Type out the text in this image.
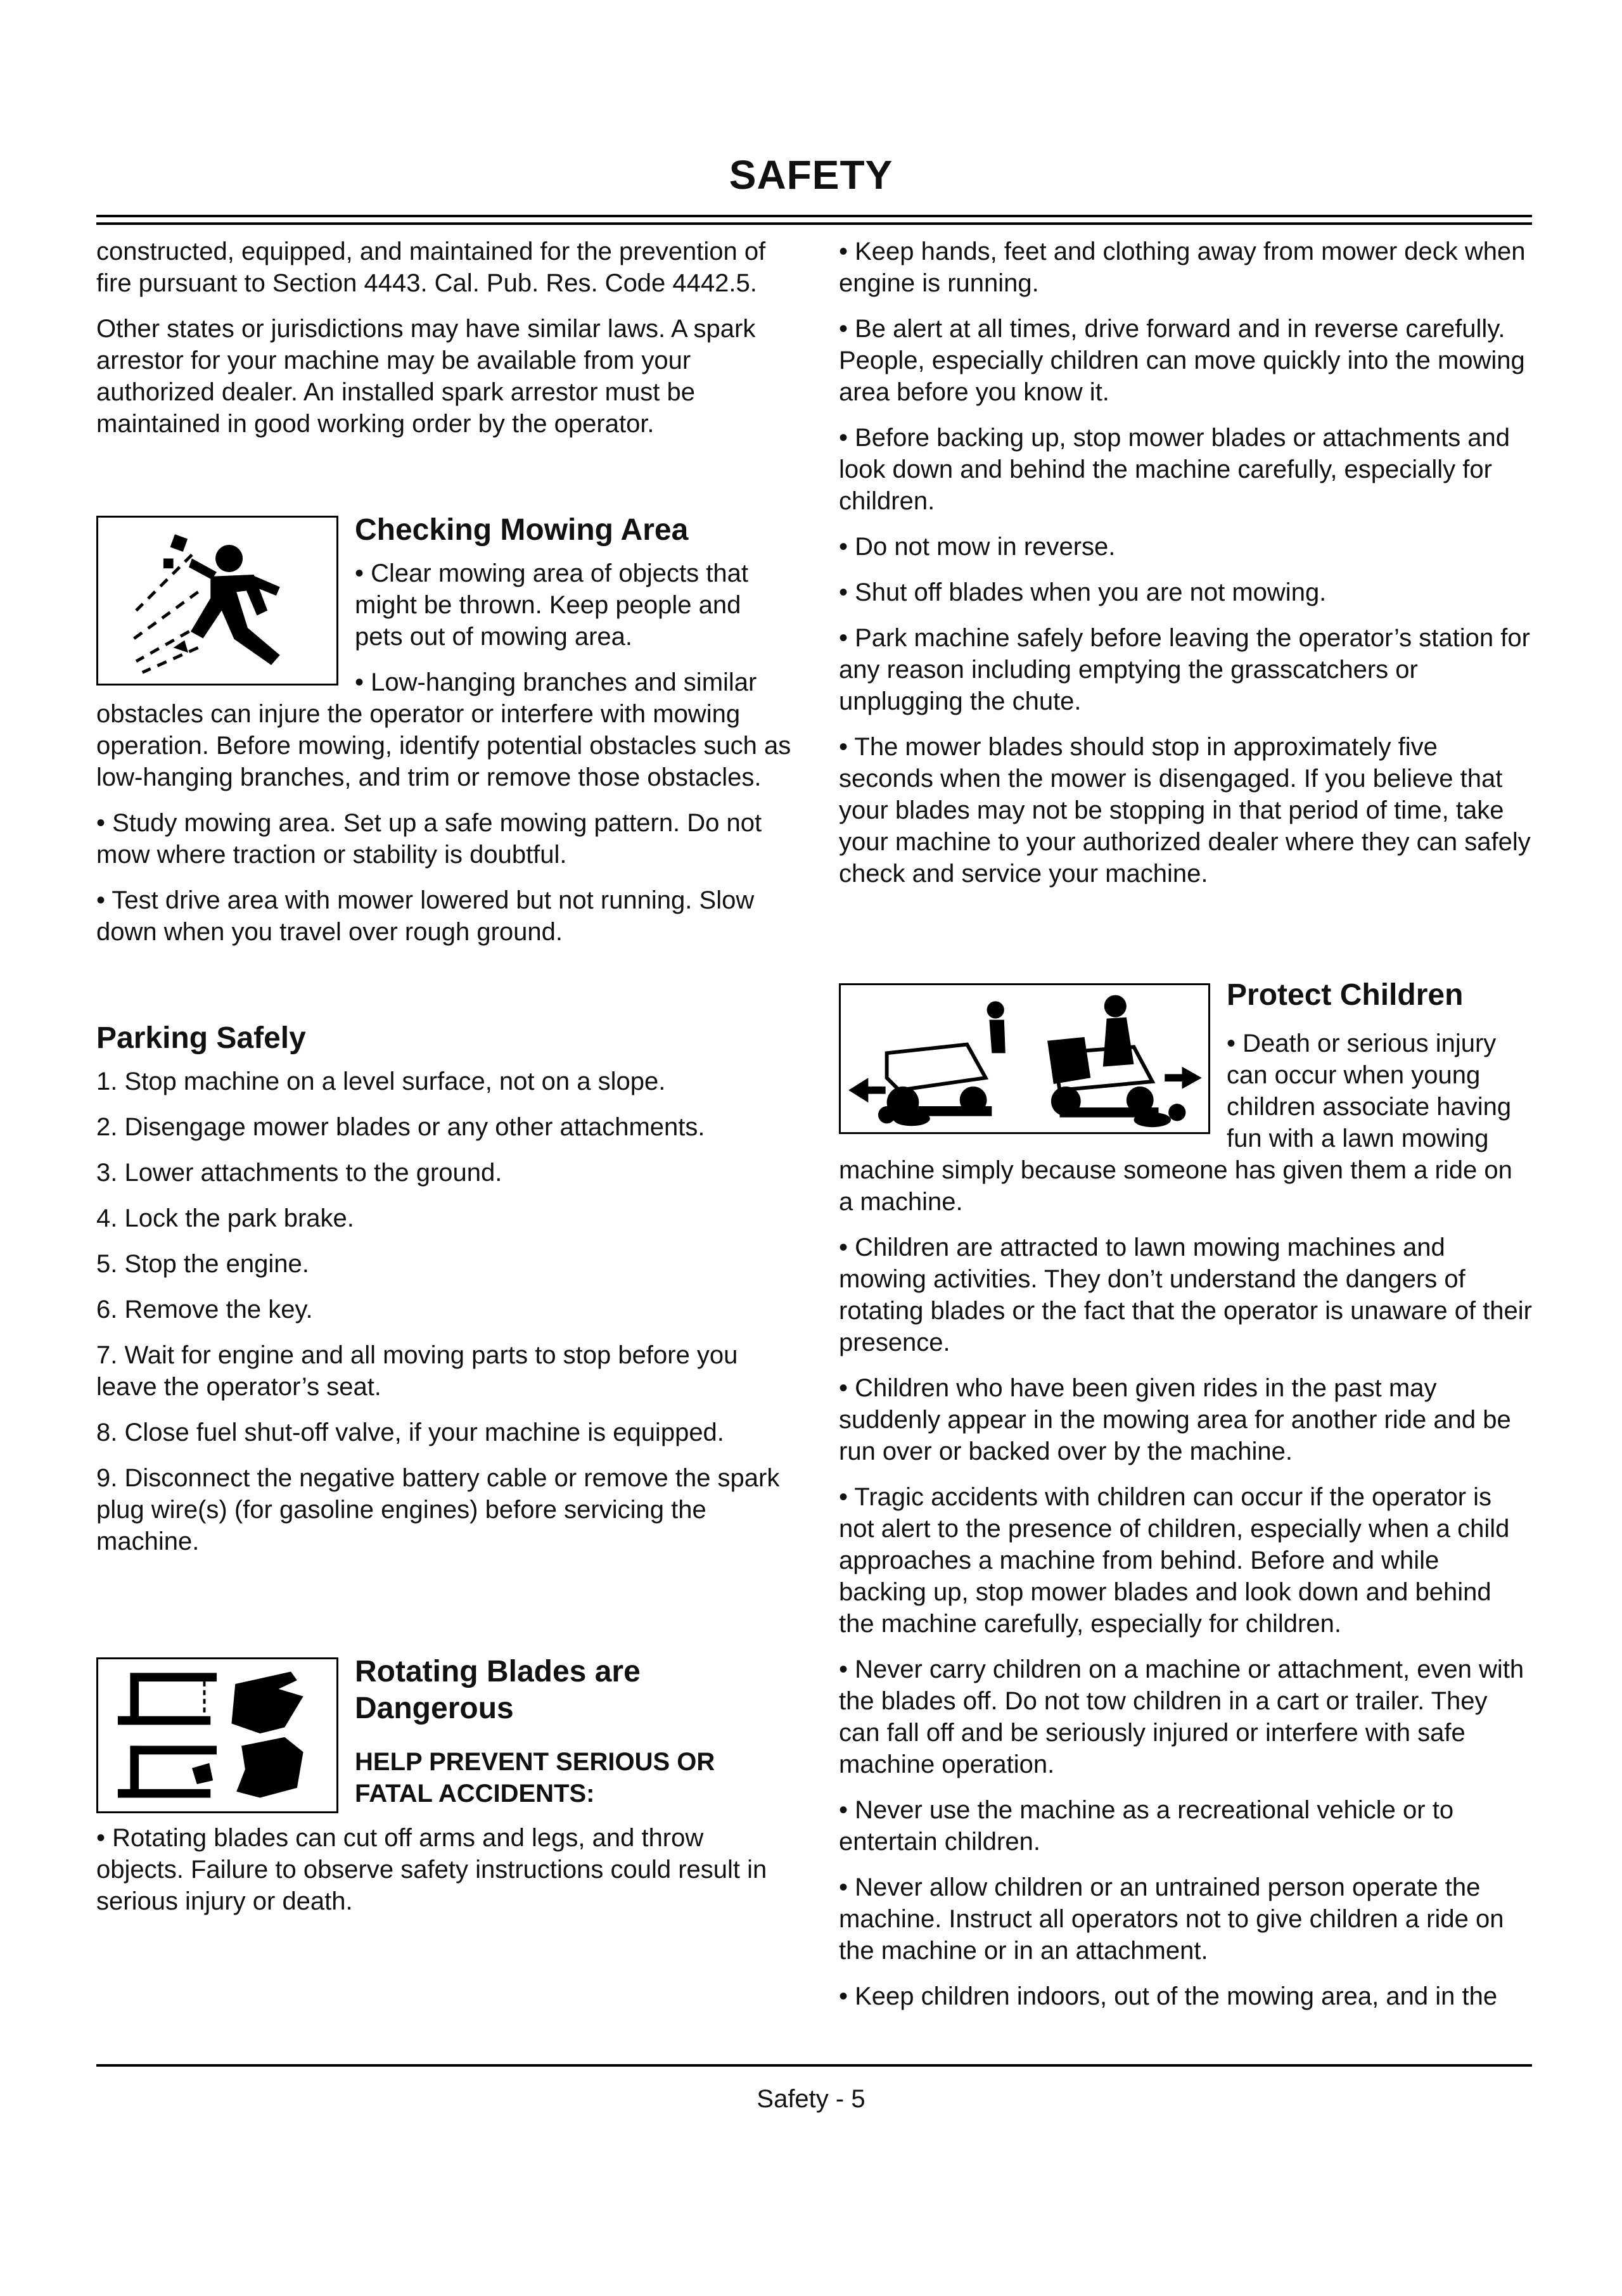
SAFETY

constructed, equipped, and maintained for the prevention of fire pursuant to Section 4443. Cal. Pub. Res. Code 4442.5.

Other states or jurisdictions may have similar laws. A spark arrestor for your machine may be available from your authorized dealer. An installed spark arrestor must be maintained in good working order by the operator.

Checking Mowing Area

• Clear mowing area of objects that might be thrown. Keep people and pets out of mowing area.

• Low-hanging branches and similar obstacles can injure the operator or interfere with mowing operation. Before mowing, identify potential obstacles such as low-hanging branches, and trim or remove those obstacles.

• Study mowing area. Set up a safe mowing pattern. Do not mow where traction or stability is doubtful.

• Test drive area with mower lowered but not running. Slow down when you travel over rough ground.

Parking Safely

1. Stop machine on a level surface, not on a slope.

2. Disengage mower blades or any other attachments.

3. Lower attachments to the ground.

4. Lock the park brake.

5. Stop the engine.

6. Remove the key.

7. Wait for engine and all moving parts to stop before you leave the operator’s seat.

8. Close fuel shut-off valve, if your machine is equipped.

9. Disconnect the negative battery cable or remove the spark plug wire(s) (for gasoline engines) before servicing the machine.

Rotating Blades are Dangerous
HELP PREVENT SERIOUS OR FATAL ACCIDENTS:

• Rotating blades can cut off arms and legs, and throw objects. Failure to observe safety instructions could result in serious injury or death.

• Keep hands, feet and clothing away from mower deck when engine is running.

• Be alert at all times, drive forward and in reverse carefully. People, especially children can move quickly into the mowing area before you know it.

• Before backing up, stop mower blades or attachments and look down and behind the machine carefully, especially for children.

• Do not mow in reverse.

• Shut off blades when you are not mowing.

• Park machine safely before leaving the operator’s station for any reason including emptying the grasscatchers or unplugging the chute.

• The mower blades should stop in approximately five seconds when the mower is disengaged. If you believe that your blades may not be stopping in that period of time, take your machine to your authorized dealer where they can safely check and service your machine.

Protect Children

• Death or serious injury can occur when young children associate having fun with a lawn mowing machine simply because someone has given them a ride on a machine.

• Children are attracted to lawn mowing machines and mowing activities. They don’t understand the dangers of rotating blades or the fact that the operator is unaware of their presence.

• Children who have been given rides in the past may suddenly appear in the mowing area for another ride and be run over or backed over by the machine.

• Tragic accidents with children can occur if the operator is not alert to the presence of children, especially when a child approaches a machine from behind. Before and while backing up, stop mower blades and look down and behind the machine carefully, especially for children.

• Never carry children on a machine or attachment, even with the blades off. Do not tow children in a cart or trailer. They can fall off and be seriously injured or interfere with safe machine operation.

• Never use the machine as a recreational vehicle or to entertain children.

• Never allow children or an untrained person operate the machine. Instruct all operators not to give children a ride on the machine or in an attachment.

• Keep children indoors, out of the mowing area, and in the

Safety - 5
